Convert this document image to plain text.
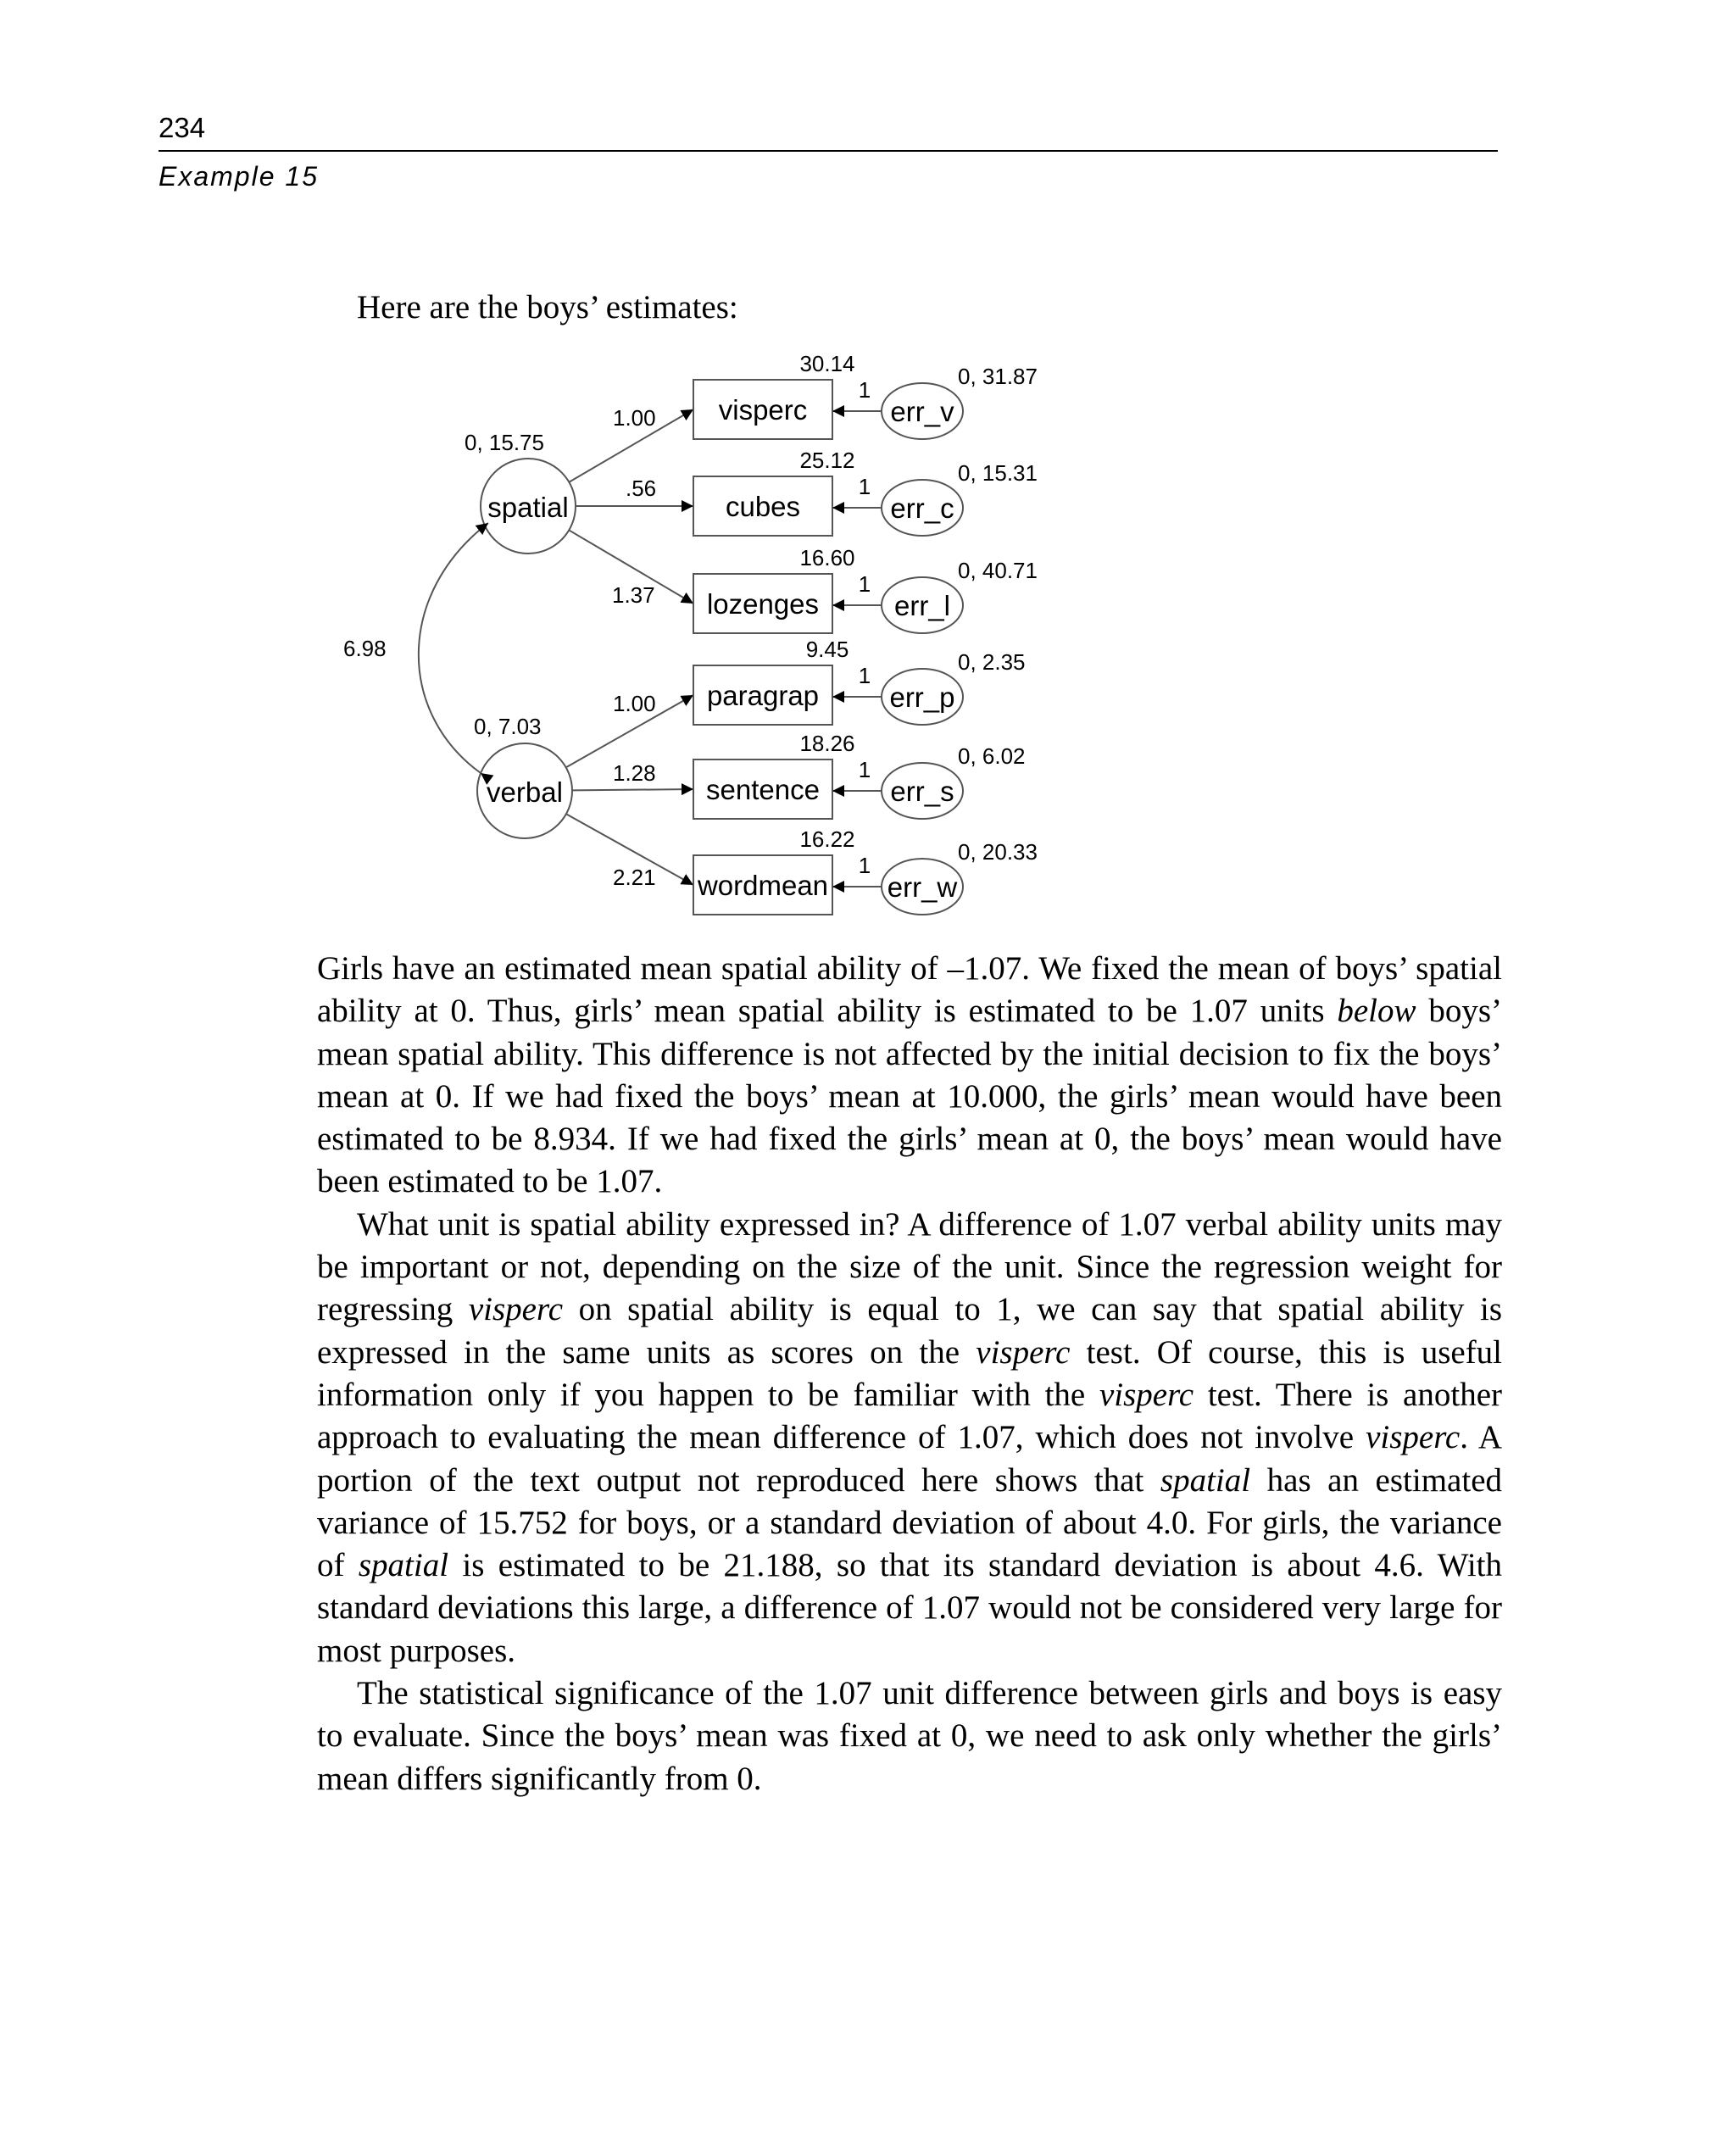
234
Example 15
Here are the boys’ estimates:
spatial
0, 15.75
verbal
0, 7.03
6.98
1.00 visperc
30.14
err_v
1
0, 31.87
.56
cubes
25.12
err_c
1
0, 15.31
1.37 lozenges
16.60
err_l
1
0, 40.71
1.00 paragrap
9.45
err_p
1
0, 2.35
1.28
sentence
18.26
err_s
1
0, 6.02
2.21 wordmean
16.22
err_w
1
0, 20.33

Girls have an estimated mean spatial ability of –1.07. We fixed the mean of boys’ spatial ability at 0. Thus, girls’ mean spatial ability is estimated to be 1.07 units below boys’ mean spatial ability. This difference is not affected by the initial decision to fix the boys’ mean at 0. If we had fixed the boys’ mean at 10.000, the girls’ mean would have been estimated to be 8.934. If we had fixed the girls’ mean at 0, the boys’ mean would have been estimated to be 1.07.

What unit is spatial ability expressed in? A difference of 1.07 verbal ability units may be important or not, depending on the size of the unit. Since the regression weight for regressing visperc on spatial ability is equal to 1, we can say that spatial ability is expressed in the same units as scores on the visperc test. Of course, this is useful information only if you happen to be familiar with the visperc test. There is another approach to evaluating the mean difference of 1.07, which does not involve visperc. A portion of the text output not reproduced here shows that spatial has an estimated variance of 15.752 for boys, or a standard deviation of about 4.0. For girls, the variance of spatial is estimated to be 21.188, so that its standard deviation is about 4.6. With standard deviations this large, a difference of 1.07 would not be considered very large for most purposes.

The statistical significance of the 1.07 unit difference between girls and boys is easy to evaluate. Since the boys’ mean was fixed at 0, we need to ask only whether the girls’ mean differs significantly from 0.
